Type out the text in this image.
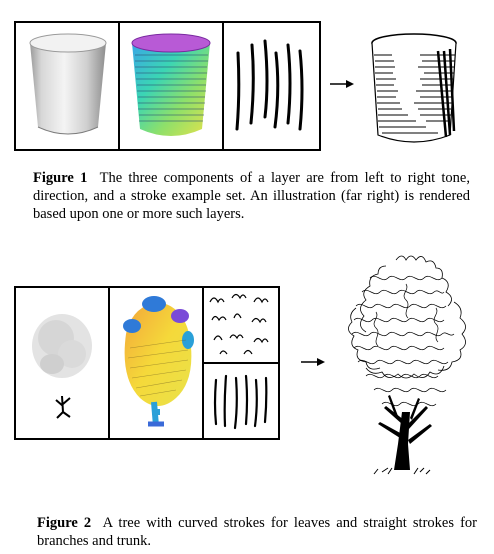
Figure 1 The three components of a layer are from left to right tone, direction, and a stroke example set. An illustration (far right) is rendered based upon one or more such layers.
Figure 2 A tree with curved strokes for leaves and straight strokes for branches and trunk.
